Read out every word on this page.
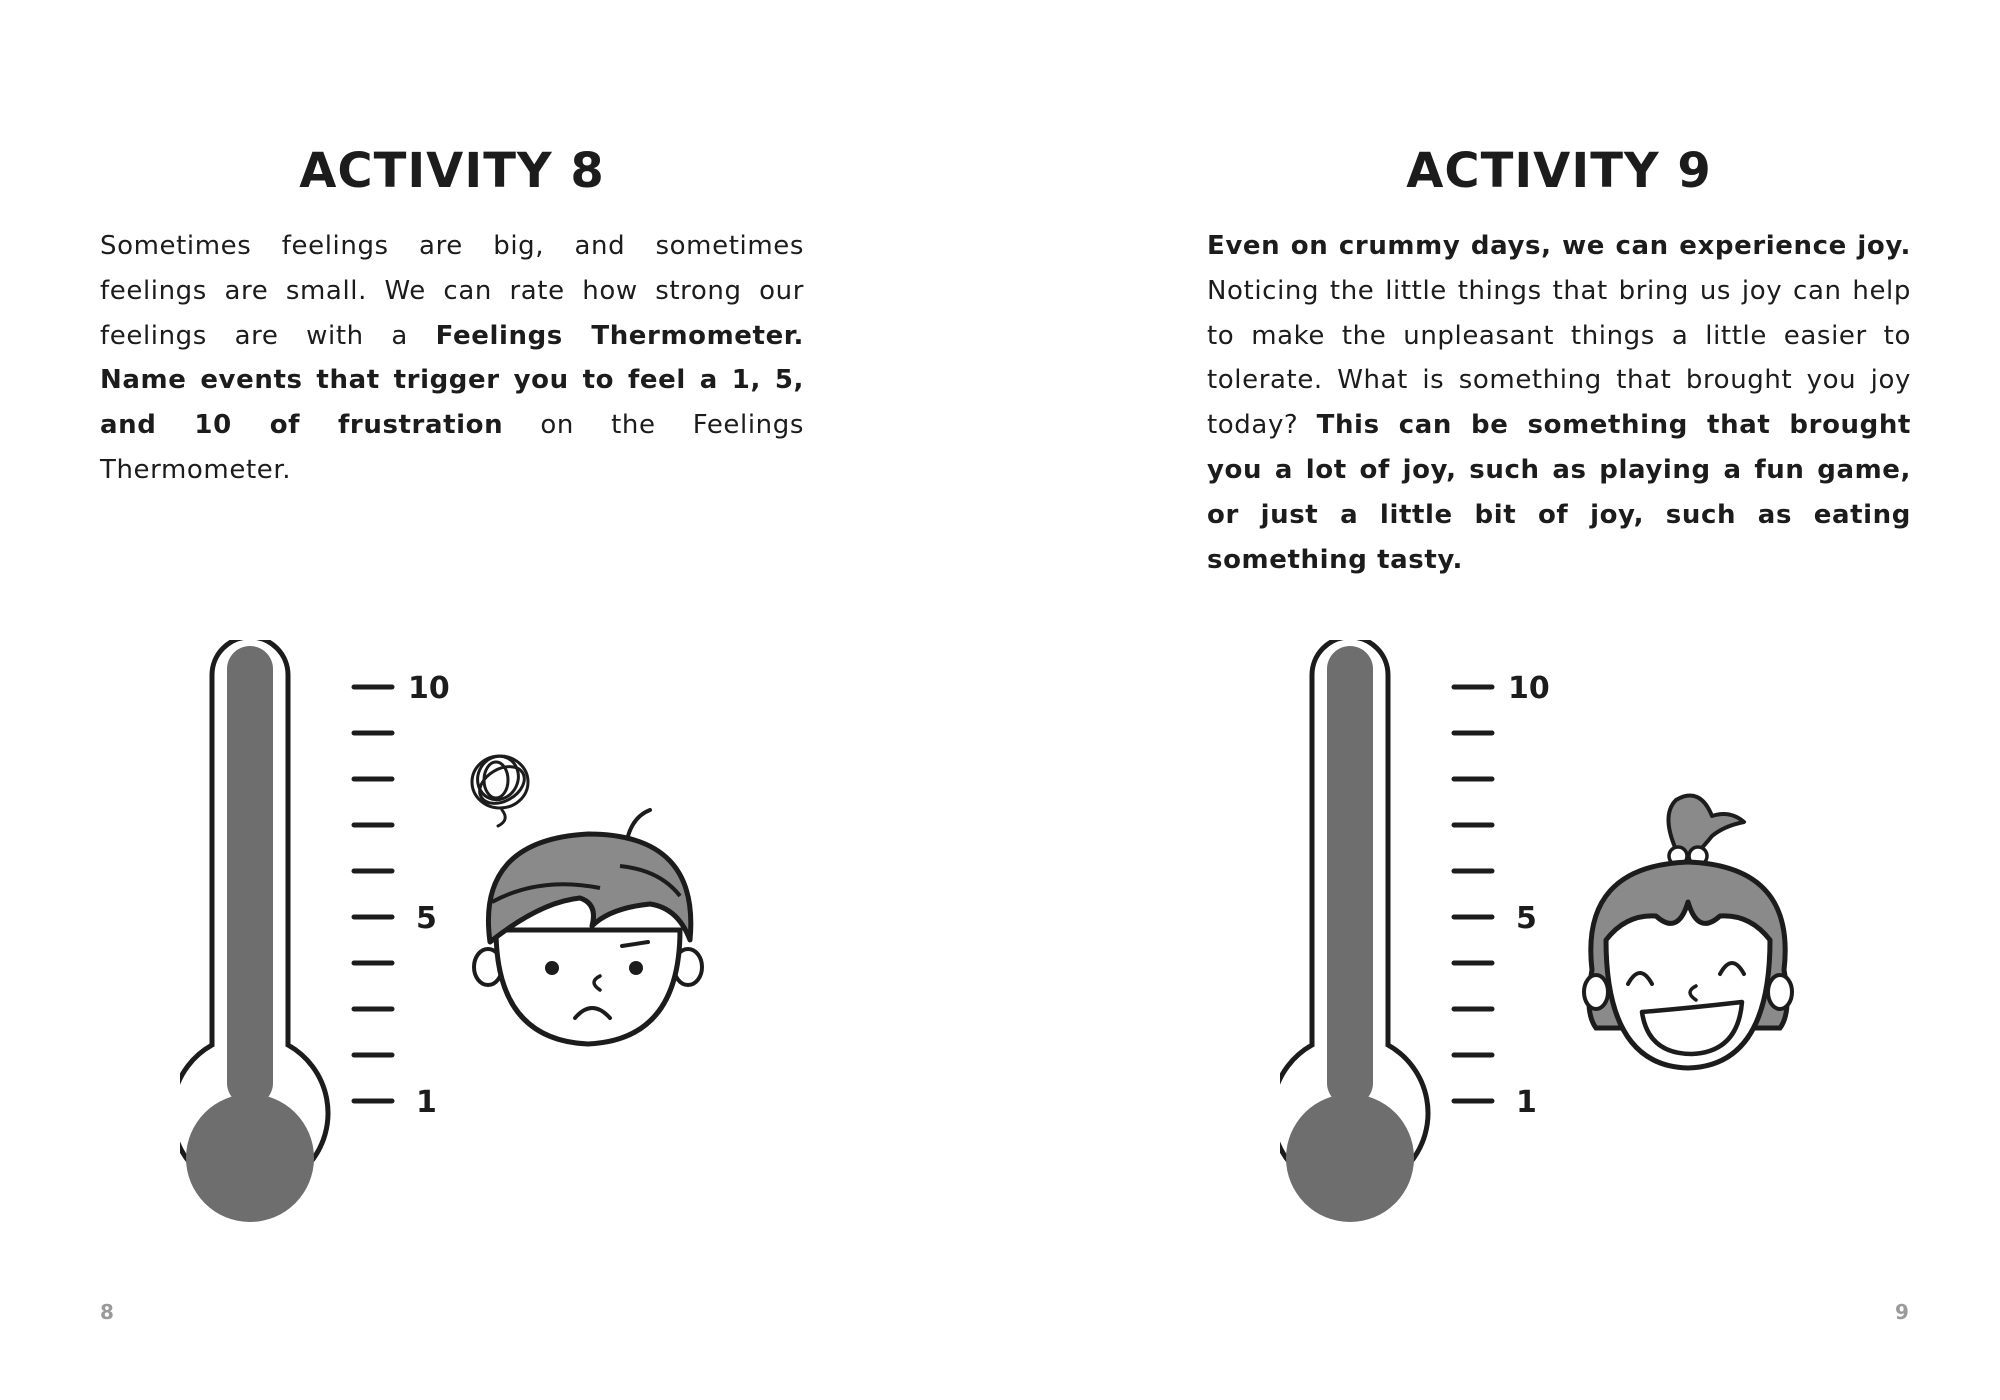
ACTIVITY 8

Sometimes feelings are big, and sometimes feelings are small. We can rate how strong our feelings are with a Feelings Thermometer. Name events that trigger you to feel a 1, 5, and 10 of frustration on the Feelings Thermometer.

10
5
1
8
ACTIVITY 9

Even on crummy days, we can experience joy. Noticing the little things that bring us joy can help to make the unpleasant things a little easier to tolerate. What is something that brought you joy today? This can be something that brought you a lot of joy, such as playing a fun game, or just a little bit of joy, such as eating something tasty.

10
5
1
9
